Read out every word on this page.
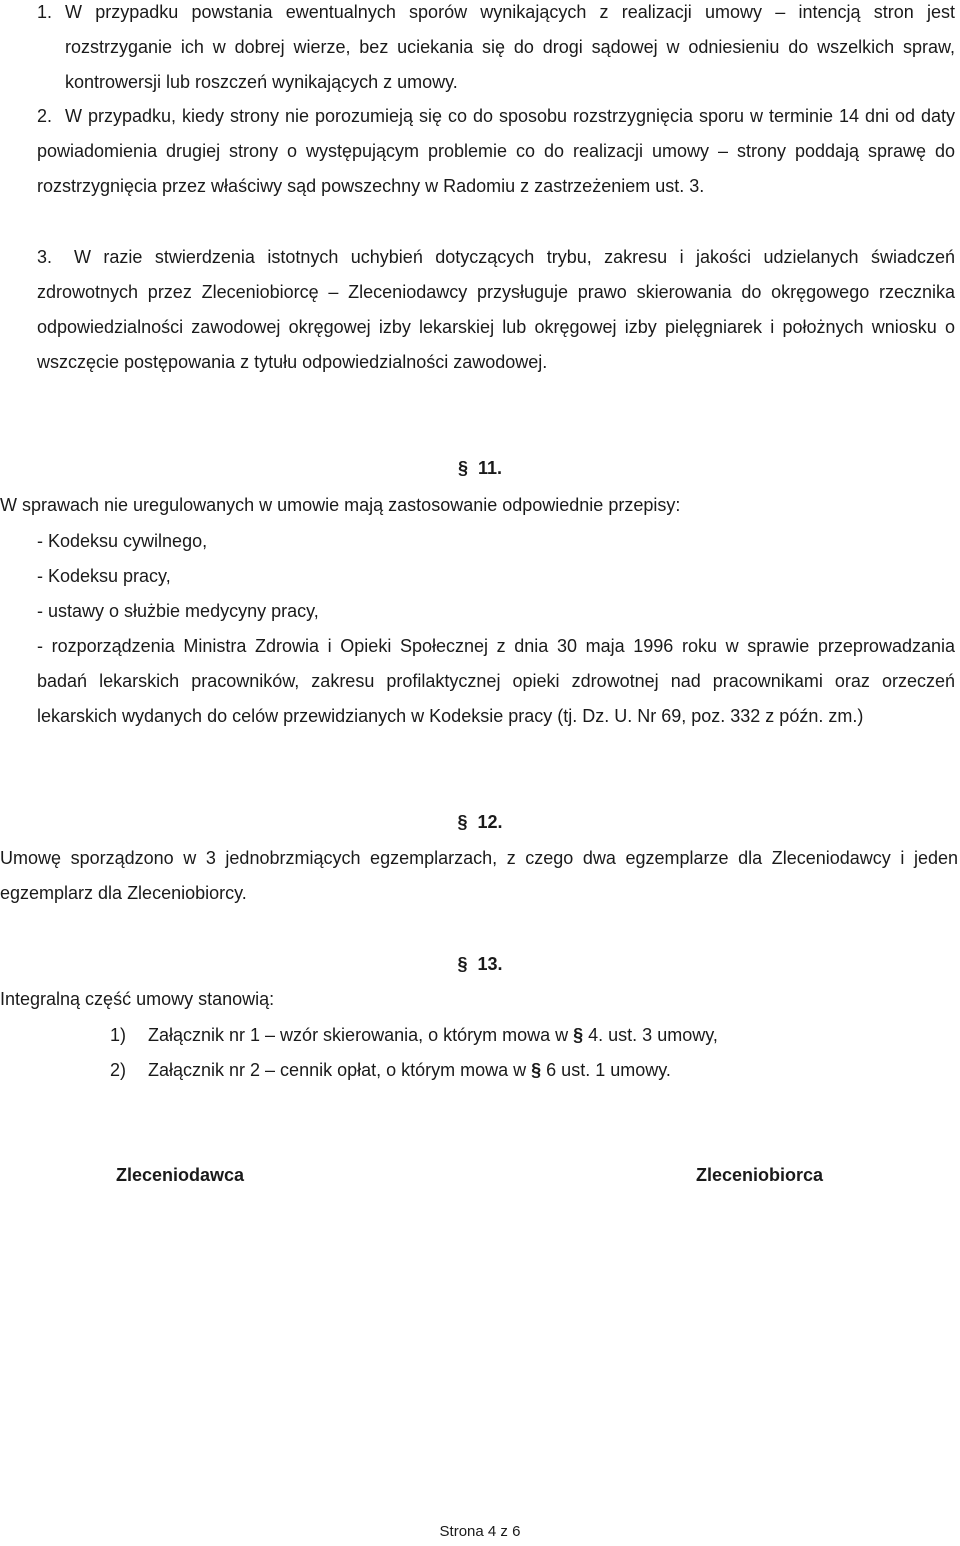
1. W przypadku powstania ewentualnych sporów wynikających z realizacji umowy – intencją stron jest rozstrzyganie ich w dobrej wierze, bez uciekania się do drogi sądowej w odniesieniu do wszelkich spraw, kontrowersji lub roszczeń wynikających z umowy.
2. W przypadku, kiedy strony nie porozumieją się co do sposobu rozstrzygnięcia sporu w terminie 14 dni od daty powiadomienia drugiej strony o występującym problemie co do realizacji umowy – strony poddają sprawę do rozstrzygnięcia przez właściwy sąd powszechny w Radomiu z zastrzeżeniem ust. 3.
3.	W razie stwierdzenia istotnych uchybień dotyczących trybu, zakresu i jakości udzielanych świadczeń zdrowotnych przez Zleceniobiorcę – Zleceniodawcy przysługuje prawo skierowania do okręgowego rzecznika odpowiedzialności zawodowej okręgowej izby lekarskiej lub okręgowej izby pielęgniarek i położnych wniosku o wszczęcie postępowania z tytułu odpowiedzialności zawodowej.
§ 11.
W sprawach nie uregulowanych w umowie mają zastosowanie odpowiednie przepisy:
- Kodeksu cywilnego,
- Kodeksu pracy,
- ustawy o służbie medycyny pracy,
- rozporządzenia Ministra Zdrowia i Opieki Społecznej z dnia 30 maja 1996 roku w sprawie przeprowadzania badań lekarskich pracowników, zakresu profilaktycznej opieki zdrowotnej nad pracownikami oraz orzeczeń lekarskich wydanych do celów przewidzianych w Kodeksie pracy (tj. Dz. U. Nr 69, poz. 332 z późn. zm.)
§ 12.
Umowę sporządzono w 3 jednobrzmiących egzemplarzach, z czego dwa egzemplarze dla Zleceniodawcy i jeden egzemplarz dla Zleceniobiorcy.
§ 13.
Integralną część umowy stanowią:
1) Załącznik nr 1 – wzór skierowania, o którym mowa w § 4. ust. 3 umowy,
2) Załącznik nr 2 – cennik opłat, o którym mowa w § 6 ust. 1 umowy.
Zleceniodawca	Zleceniobiorca
Strona 4 z 6
